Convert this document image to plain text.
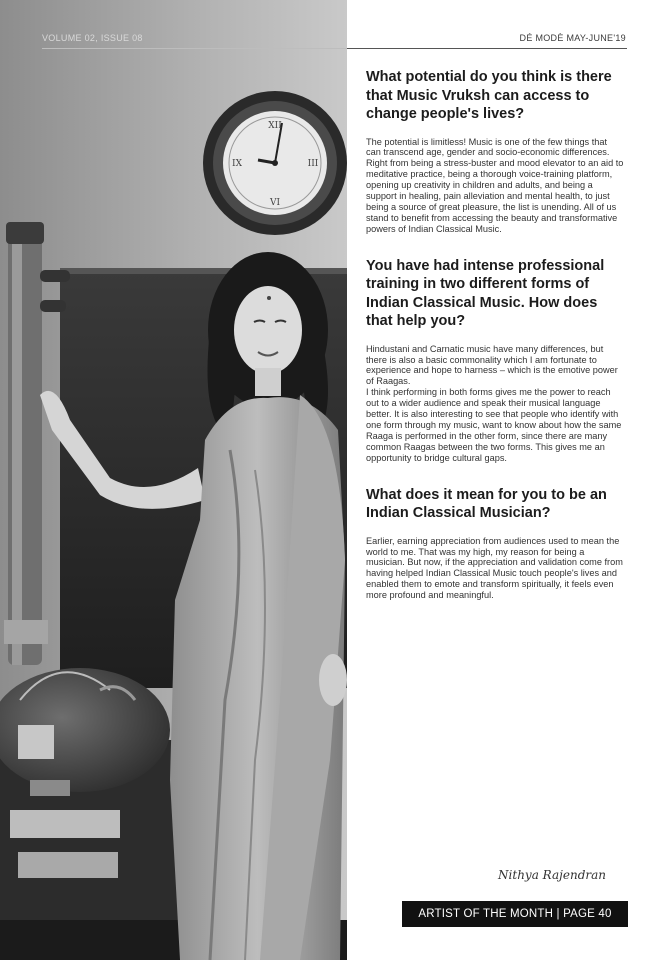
XII
VI
IX	III
VOLUME 02, ISSUE 08	DÉ MODÈ MAY-JUNE'19
What potential do you think is there that Music Vruksh can access to change people's lives?

The potential is limitless! Music is one of the few things that can transcend age, gender and socio-economic differences. Right from being a stress-buster and mood elevator to an aid to meditative practice, being a thorough voice-training platform, opening up creativity in children and adults, and being a support in healing, pain alleviation and mental health, to just being a source of great pleasure, the list is unending. All of us stand to benefit from accessing the beauty and transformative powers of Indian Classical Music.

You have had intense professional training in two different forms of Indian Classical Music. How does that help you?

Hindustani and Carnatic music have many differences, but there is also a basic commonality which I am fortunate to experience and hope to harness – which is the emotive power of Raagas.

I think performing in both forms gives me the power to reach out to a wider audience and speak their musical language better. It is also interesting to see that people who identify with one form through my music, want to know about how the same Raaga is performed in the other form, since there are many common Raagas between the two forms. This gives me an opportunity to bridge cultural gaps.

What does it mean for you to be an Indian Classical Musician?

Earlier, earning appreciation from audiences used to mean the world to me. That was my high, my reason for being a musician. But now, if the appreciation and validation come from having helped Indian Classical Music touch people's lives and enabled them to emote and transform spiritually, it feels even more profound and meaningful.

Nithya Rajendran
ARTIST OF THE MONTH | PAGE 40
